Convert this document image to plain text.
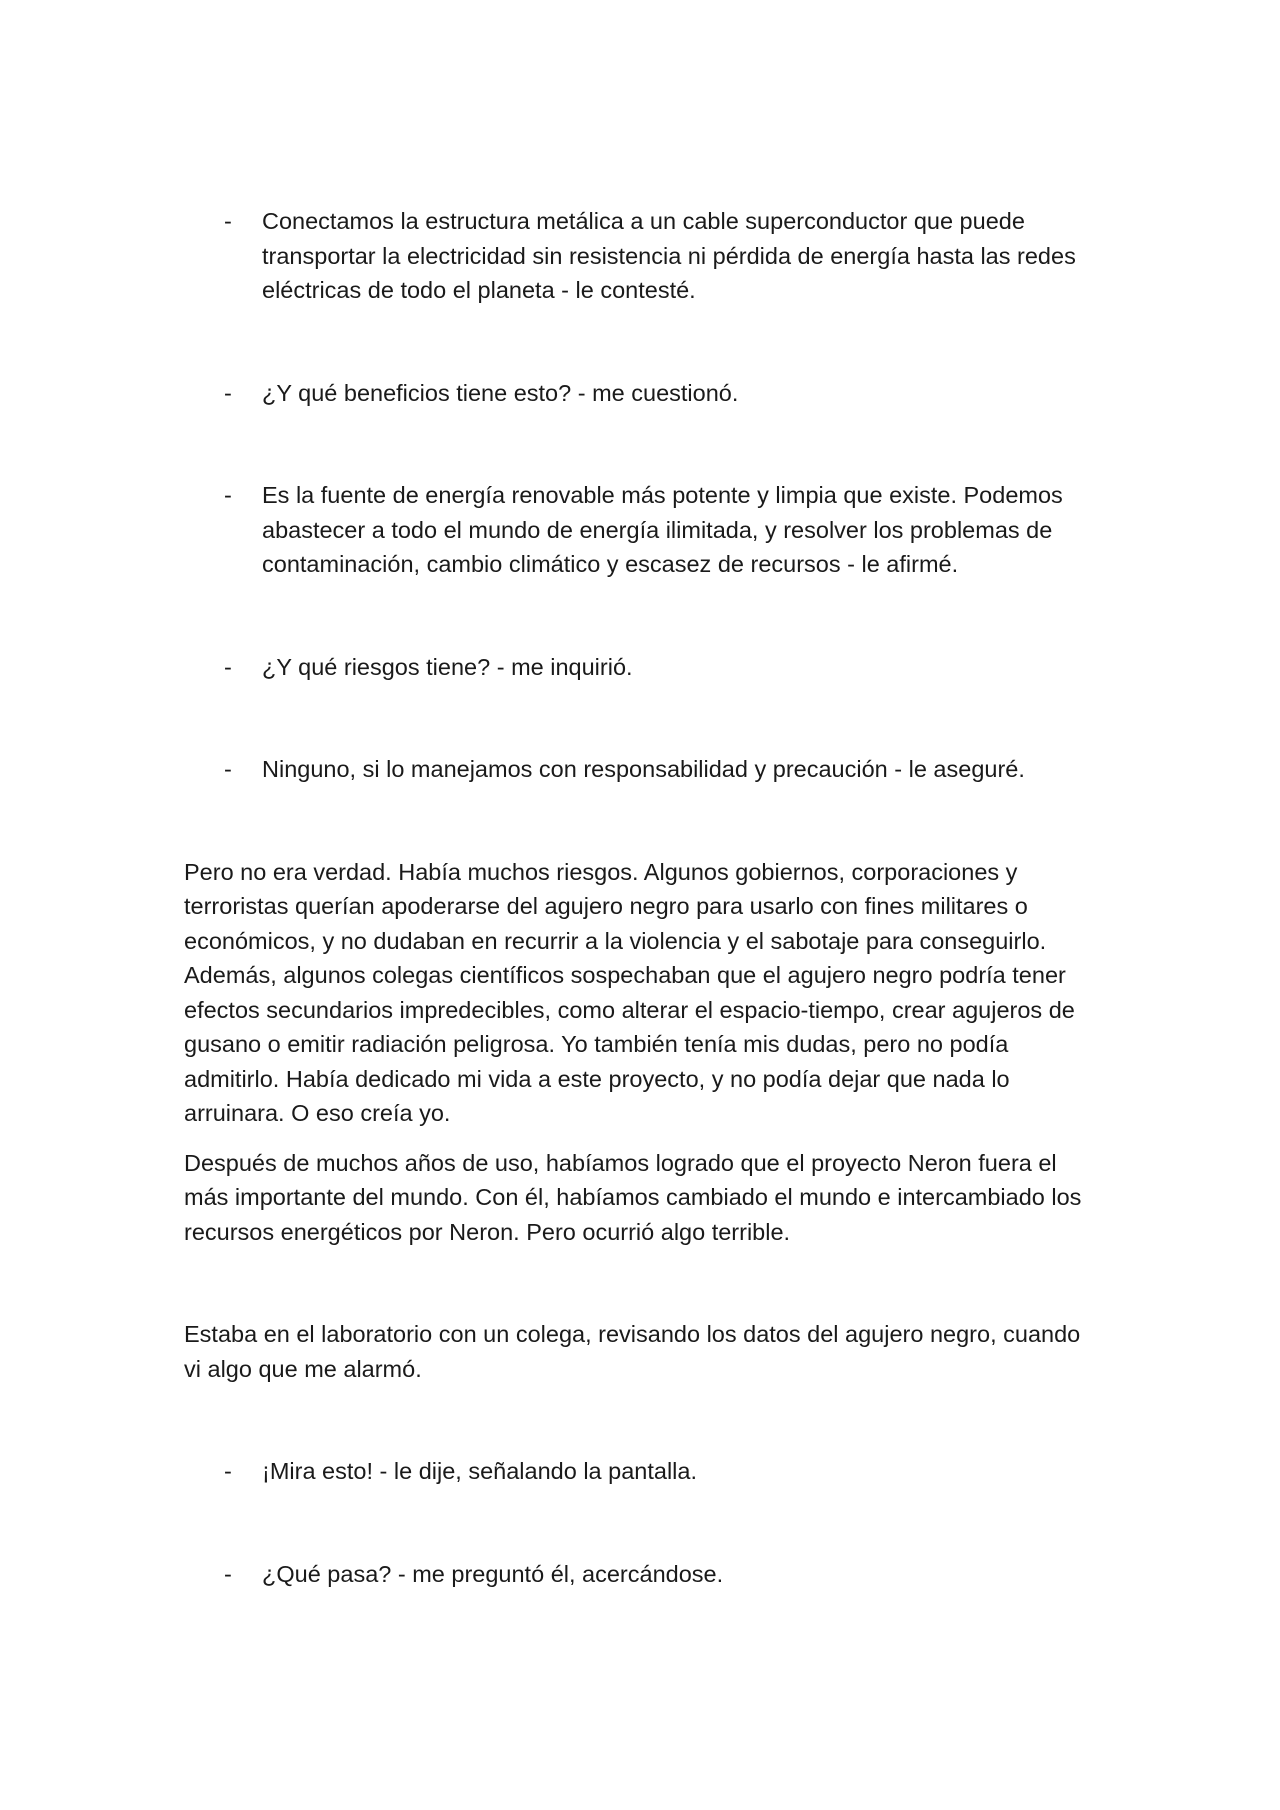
- Conectamos la estructura metálica a un cable superconductor que puede transportar la electricidad sin resistencia ni pérdida de energía hasta las redes eléctricas de todo el planeta - le contesté.

- ¿Y qué beneficios tiene esto? - me cuestionó.

- Es la fuente de energía renovable más potente y limpia que existe. Podemos abastecer a todo el mundo de energía ilimitada, y resolver los problemas de contaminación, cambio climático y escasez de recursos - le afirmé.

- ¿Y qué riesgos tiene? - me inquirió.

- Ninguno, si lo manejamos con responsabilidad y precaución - le aseguré.

Pero no era verdad. Había muchos riesgos. Algunos gobiernos, corporaciones y terroristas querían apoderarse del agujero negro para usarlo con fines militares o económicos, y no dudaban en recurrir a la violencia y el sabotaje para conseguirlo. Además, algunos colegas científicos sospechaban que el agujero negro podría tener efectos secundarios impredecibles, como alterar el espacio-tiempo, crear agujeros de gusano o emitir radiación peligrosa. Yo también tenía mis dudas, pero no podía admitirlo. Había dedicado mi vida a este proyecto, y no podía dejar que nada lo arruinara. O eso creía yo.

Después de muchos años de uso, habíamos logrado que el proyecto Neron fuera el más importante del mundo. Con él, habíamos cambiado el mundo e intercambiado los recursos energéticos por Neron. Pero ocurrió algo terrible.

Estaba en el laboratorio con un colega, revisando los datos del agujero negro, cuando vi algo que me alarmó.

- ¡Mira esto! - le dije, señalando la pantalla.

- ¿Qué pasa? - me preguntó él, acercándose.
